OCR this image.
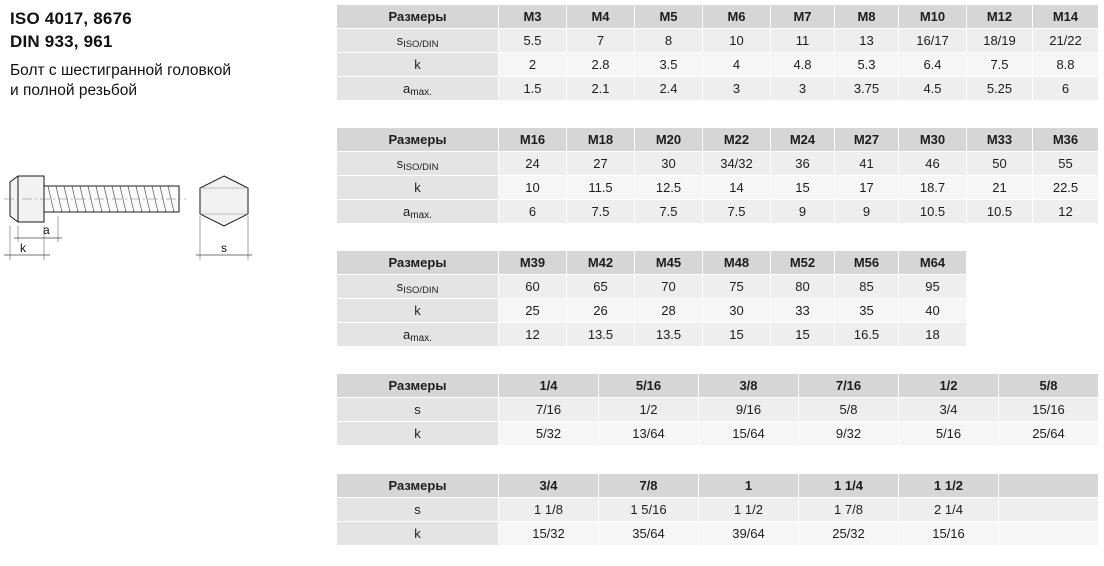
ISO 4017, 8676
DIN 933, 961
Болт с шестигранной головкой
и полной резьбой
k
a
s
Размеры	M3	M4	M5	M6	M7	M8	M10	M12	M14
$s_{ISO/DIN}$	5.5	7	8	10	11	13	16/17	18/19	21/22
k	2	2.8	3.5	4	4.8	5.3	6.4	7.5	8.8
$a_{max.}$	1.5	2.1	2.4	3	3	3.75	4.5	5.25	6
Размеры	M16	M18	M20	M22	M24	M27	M30	M33	M36
$s_{ISO/DIN}$	24	27	30	34/32	36	41	46	50	55
k	10	11.5	12.5	14	15	17	18.7	21	22.5
$a_{max.}$	6	7.5	7.5	7.5	9	9	10.5	10.5	12
Размеры	M39	M42	M45	M48	M52	M56	M64		
$s_{ISO/DIN}$	60	65	70	75	80	85	95		
k	25	26	28	30	33	35	40		
$a_{max.}$	12	13.5	13.5	15	15	16.5	18		
Размеры	1/4	5/16	3/8	7/16	1/2	5/8
s	7/16	1/2	9/16	5/8	3/4	15/16
k	5/32	13/64	15/64	9/32	5/16	25/64
Размеры	3/4	7/8	1	1 1/4	1 1/2	
s	1 1/8	1 5/16	1 1/2	1 7/8	2 1/4	
k	15/32	35/64	39/64	25/32	15/16	
